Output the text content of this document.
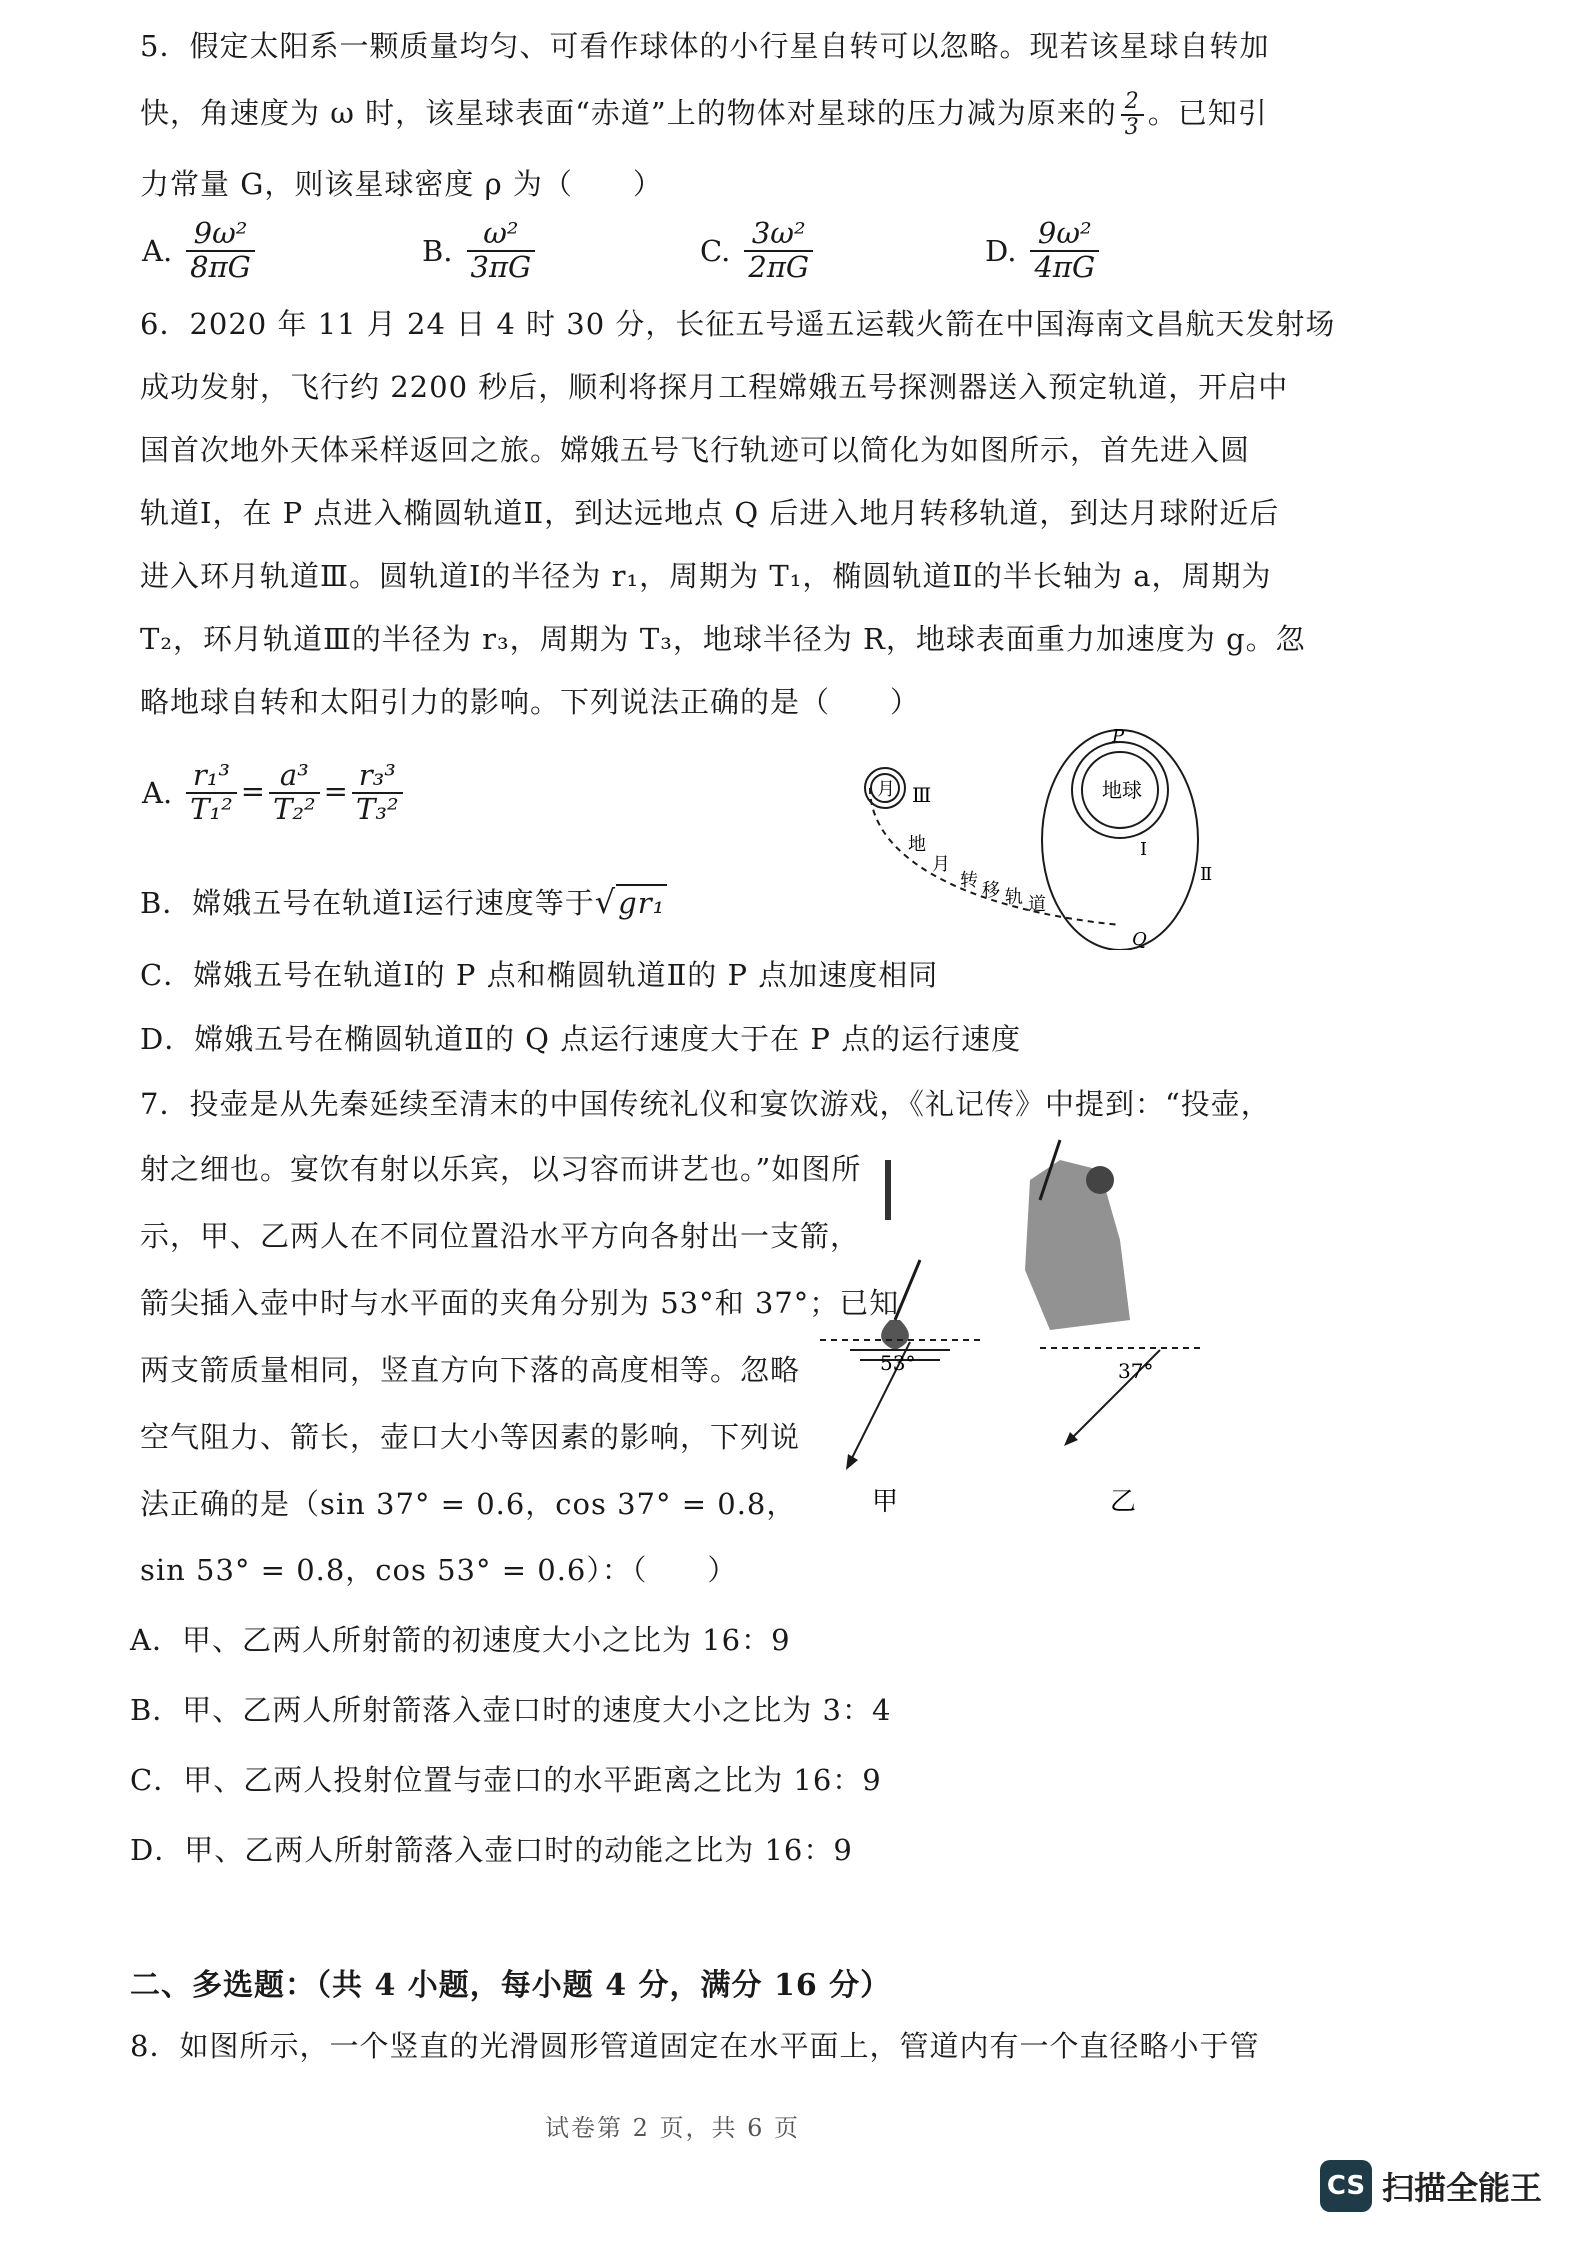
5．假定太阳系一颗质量均匀、可看作球体的小行星自转可以忽略。现若该星球自转加
快，角速度为 ω 时，该星球表面“赤道”上的物体对星球的压力减为原来的 $\frac{2}{3}$ 。已知引
力常量 G，则该星球密度 ρ 为（　　）
A. $\frac{\text{9ω²}}{8\pi G}$	B. $\frac{\text{ω²}}{3\pi G}$	C. $\frac{\text{3ω²}}{2\pi G}$	D. $\frac{\text{9ω²}}{4\pi G}$
6．2020 年 11 月 24 日 4 时 30 分，长征五号遥五运载火箭在中国海南文昌航天发射场
成功发射，飞行约 2200 秒后，顺利将探月工程嫦娥五号探测器送入预定轨道，开启中
国首次地外天体采样返回之旅。嫦娥五号飞行轨迹可以简化为如图所示，首先进入圆
轨道Ⅰ，在 P 点进入椭圆轨道Ⅱ，到达远地点 Q 后进入地月转移轨道，到达月球附近后
进入环月轨道Ⅲ。圆轨道Ⅰ的半径为 r₁，周期为 T₁，椭圆轨道Ⅱ的半长轴为 a，周期为
T₂，环月轨道Ⅲ的半径为 r₃，周期为 T₃，地球半径为 R，地球表面重力加速度为 g。忽
略地球自转和太阳引力的影响。下列说法正确的是（　　）
A. $\frac{\text{r₁³}}{\text{T₁²}} = \frac{\text{a³}}{\text{T₂²}} = \frac{\text{r₃³}}{\text{T₃²}}$
B．嫦娥五号在轨道Ⅰ运行速度等于√gr₁
C．嫦娥五号在轨道Ⅰ的 P 点和椭圆轨道Ⅱ的 P 点加速度相同
D．嫦娥五号在椭圆轨道Ⅱ的 Q 点运行速度大于在 P 点的运行速度
月 Ⅲ	地球
P
Ⅰ
Ⅱ
Q
地
月
转 移 轨 道
7．投壶是从先秦延续至清末的中国传统礼仪和宴饮游戏，《礼记传》中提到：“投壶，
射之细也。宴饮有射以乐宾，以习容而讲艺也。”如图所
示，甲、乙两人在不同位置沿水平方向各射出一支箭，
箭尖插入壶中时与水平面的夹角分别为 53°和 37°；已知
两支箭质量相同，竖直方向下落的高度相等。忽略
空气阻力、箭长，壶口大小等因素的影响，下列说
法正确的是（sin 37° = 0.6，cos 37° = 0.8，
sin 53° = 0.8，cos 53° = 0.6）：（　　）
53°	37°
甲	乙
A．甲、乙两人所射箭的初速度大小之比为 16：9
B．甲、乙两人所射箭落入壶口时的速度大小之比为 3：4
C．甲、乙两人投射位置与壶口的水平距离之比为 16：9
D．甲、乙两人所射箭落入壶口时的动能之比为 16：9
二、多选题：（共 4 小题，每小题 4 分，满分 16 分）
8．如图所示，一个竖直的光滑圆形管道固定在水平面上，管道内有一个直径略小于管
试卷第 2 页，共 6 页
CS 扫描全能王
